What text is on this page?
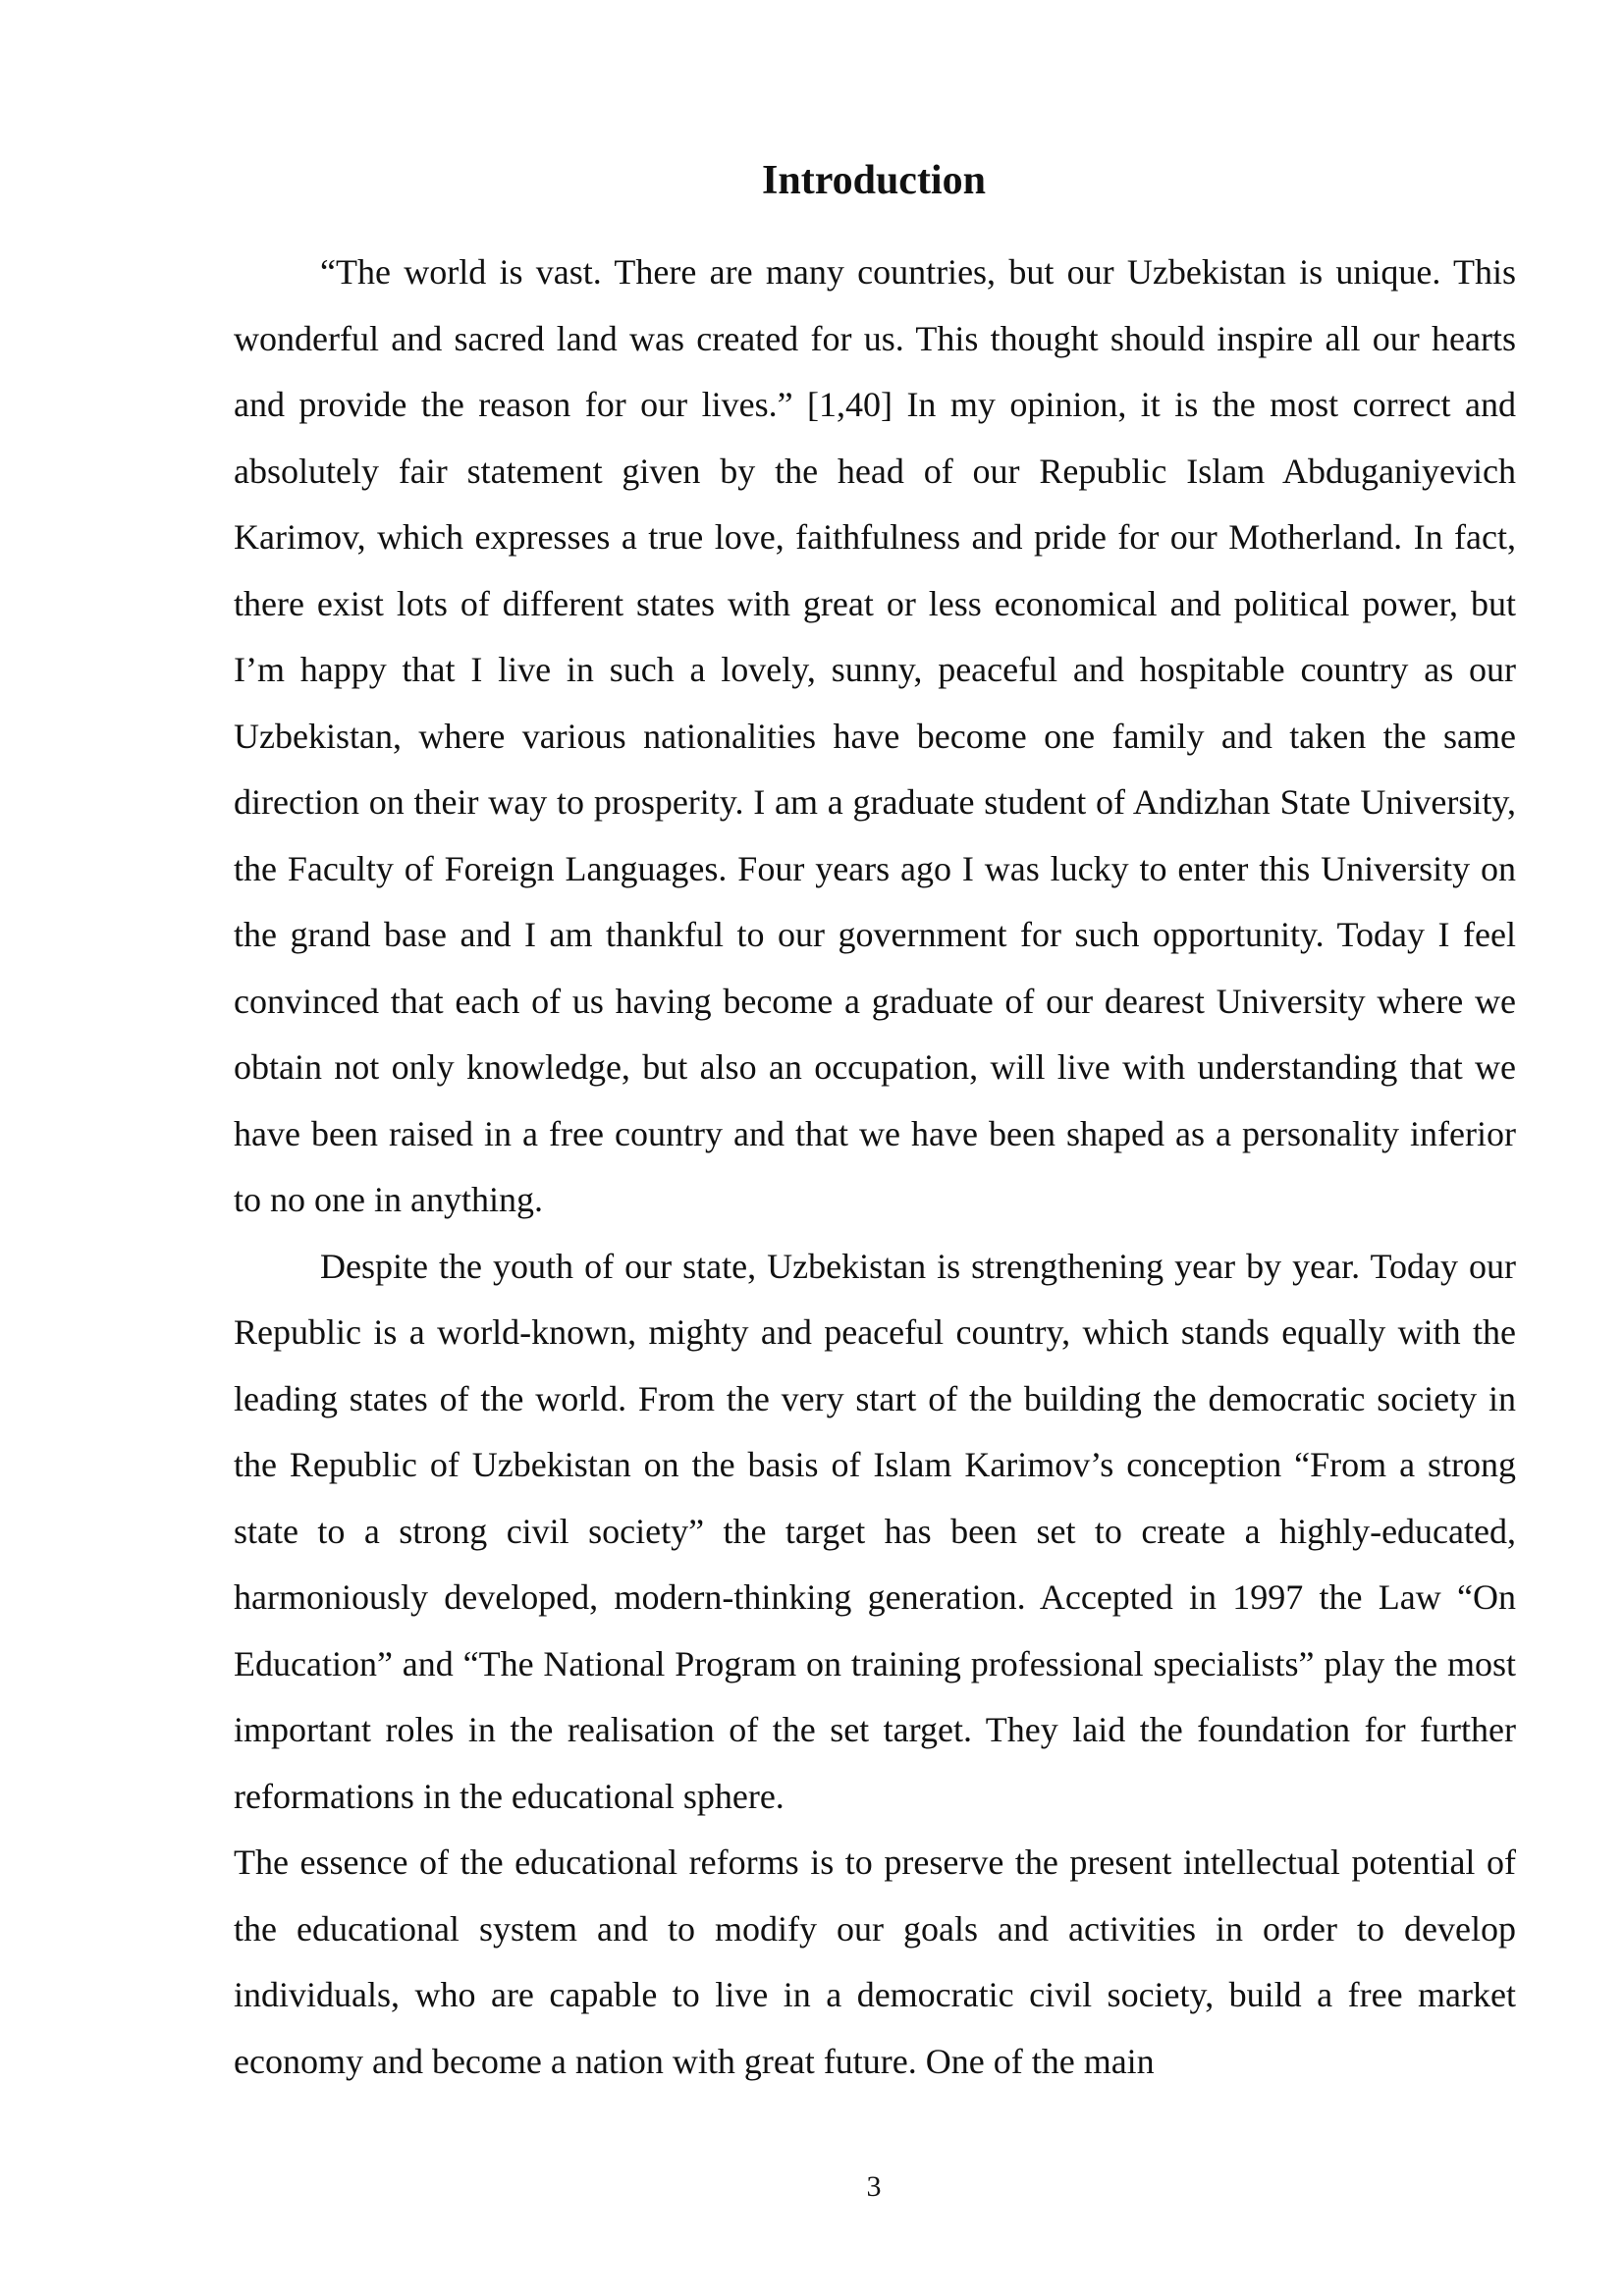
Introduction

“The world is vast. There are many countries, but our Uzbekistan is unique. This wonderful and sacred land was created for us. This thought should inspire all our hearts and provide the reason for our lives.” [1,40] In my opinion, it is the most correct and absolutely fair statement given by the head of our Republic Islam Abduganiyevich Karimov, which expresses a true love, faithfulness and pride for our Motherland. In fact, there exist lots of different states with great or less economical and political power, but I’m happy that I live in such a lovely, sunny, peaceful and hospitable country as our Uzbekistan, where various nationalities have become one family and taken the same direction on their way to prosperity. I am a graduate student of Andizhan State University, the Faculty of Foreign Languages. Four years ago I was lucky to enter this University on the grand base and I am thankful to our government for such opportunity. Today I feel convinced that each of us having become a graduate of our dearest University where we obtain not only knowledge, but also an occupation, will live with understanding that we have been raised in a free country and that we have been shaped as a personality inferior to no one in anything.

Despite the youth of our state, Uzbekistan is strengthening year by year. Today our Republic is a world-known, mighty and peaceful country, which stands equally with the leading states of the world. From the very start of the building the democratic society in the Republic of Uzbekistan on the basis of Islam Karimov’s conception “From a strong state to a strong civil society” the target has been set to create a highly-educated, harmoniously developed, modern-thinking generation. Accepted in 1997 the Law “On Education” and “The National Program on training professional specialists” play the most important roles in the realisation of the set target. They laid the foundation for further reformations in the educational sphere.

The essence of the educational reforms is to preserve the present intellectual potential of the educational system and to modify our goals and activities in order to develop individuals, who are capable to live in a democratic civil society, build a free market economy and become a nation with great future. One of the main

3
